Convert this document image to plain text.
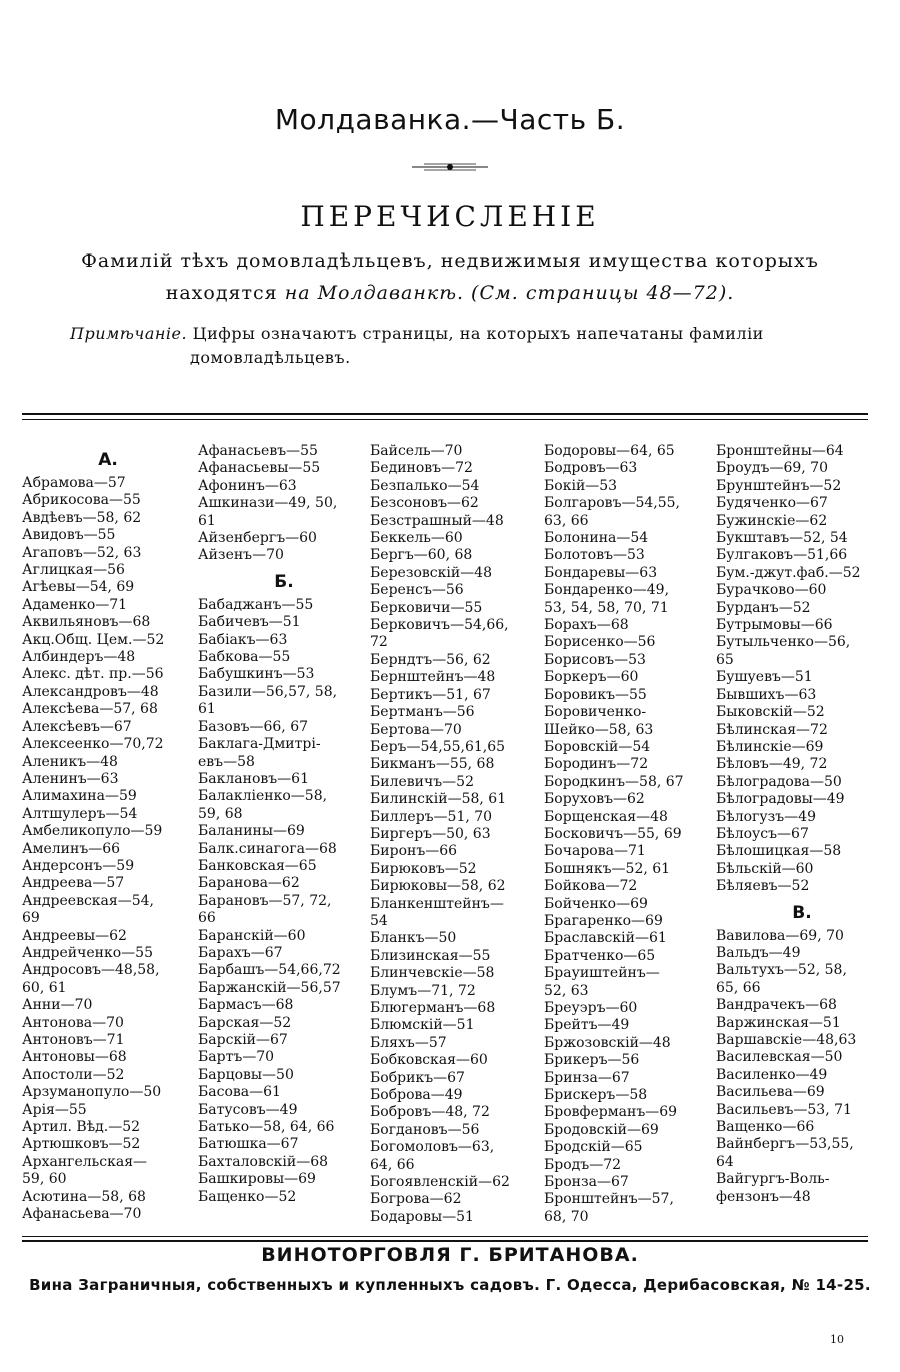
Молдаванка.—Часть Б.
ПЕРЕЧИСЛЕНІЕ
Фамилій тѣхъ домовладѣльцевъ, недвижимыя имущества которыхъ
находятся на Молдаванкѣ. (См. страницы 48—72).
Примѣчаніе. Цифры означаютъ страницы, на которыхъ напечатаны фамиліи
домовладѣльцевъ.
А.
Абрамова—57
Абрикосова—55
Авдѣевъ—58, 62
Авидовъ—55
Агаповъ—52, 63
Аглицкая—56
Агѣевы—54, 69
Адаменко—71
Аквильяновъ—68
Акц.Общ. Цем.—52
Албиндеръ—48
Алекс. дѣт. пр.—56
Александровъ—48
Алексѣева—57, 68
Алексѣевъ—67
Алексеенко—70,72
Аленикъ—48
Аленинъ—63
Алимахина—59
Алтшулеръ—54
Амбеликопуло—59
Амелинъ—66
Андерсонъ—59
Андреева—57
Андреевская—54,
69
Андреевы—62
Андрейченко—55
Андросовъ—48,58,
60, 61
Анни—70
Антонова—70
Антоновъ—71
Антоновы—68
Апостоли—52
Арзуманопуло—50
Арія—55
Артил. Вѣд.—52
Артюшковъ—52
Архангельская—
59, 60
Асютина—58, 68
Афанасьева—70
Афанасьевъ—55
Афанасьевы—55
Афонинъ—63
Ашкинази—49, 50,
61
Айзенбергъ—60
Айзенъ—70
Б.
Бабаджанъ—55
Бабичевъ—51
Бабіакъ—63
Бабкова—55
Бабушкинъ—53
Базили—56,57, 58,
61
Базовъ—66, 67
Баклага-Дмитрі-
евъ—58
Баклановъ—61
Балакліенко—58,
59, 68
Баланины—69
Балк.синагога—68
Банковская—65
Баранова—62
Барановъ—57, 72,
66
Баранскій—60
Барахъ—67
Барбашъ—54,66,72
Баржанскій—56,57
Бармасъ—68
Барская—52
Барскій—67
Бартъ—70
Барцовы—50
Басова—61
Батусовъ—49
Батько—58, 64, 66
Батюшка—67
Бахталовскій—68
Башкировы—69
Бащенко—52
Байсель—70
Бединовъ—72
Безпалько—54
Безсоновъ—62
Безстрашный—48
Беккель—60
Бергъ—60, 68
Березовскій—48
Беренсъ—56
Берковичи—55
Берковичъ—54,66,
72
Берндтъ—56, 62
Бернштейнъ—48
Бертикъ—51, 67
Бертманъ—56
Бертова—70
Беръ—54,55,61,65
Бикманъ—55, 68
Билевичъ—52
Билинскій—58, 61
Биллеръ—51, 70
Биргеръ—50, 63
Биронъ—66
Бирюковъ—52
Бирюковы—58, 62
Бланкенштейнъ—
54
Бланкъ—50
Близинская—55
Блинчевскіе—58
Блумъ—71, 72
Блюгерманъ—68
Блюмскій—51
Бляхъ—57
Бобковская—60
Бобрикъ—67
Боброва—49
Бобровъ—48, 72
Богдановъ—56
Богомоловъ—63,
64, 66
Богоявленскій—62
Богрова—62
Бодаровы—51
Бодоровы—64, 65
Бодровъ—63
Бокій—53
Болгаровъ—54,55,
63, 66
Болонина—54
Болотовъ—53
Бондаревы—63
Бондаренко—49,
53, 54, 58, 70, 71
Борахъ—68
Борисенко—56
Борисовъ—53
Боркеръ—60
Боровикъ—55
Боровиченко-
Шейко—58, 63
Боровскій—54
Бородинъ—72
Бородкинъ—58, 67
Боруховъ—62
Борщенская—48
Босковичъ—55, 69
Бочарова—71
Бошнякъ—52, 61
Бойкова—72
Бойченко—69
Брагаренко—69
Браславскій—61
Братченко—65
Брауиштейнъ—
52, 63
Бреуэръ—60
Брейтъ—49
Бржозовскій—48
Брикеръ—56
Бринза—67
Брискеръ—58
Бровферманъ—69
Бродовскій—69
Бродскій—65
Бродъ—72
Бронза—67
Бронштейнъ—57,
68, 70
Бронштейны—64
Броудъ—69, 70
Брунштейнъ—52
Будяченко—67
Бужинскіе—62
Букштавъ—52, 54
Булгаковъ—51,66
Бум.-джут.фаб.—52
Бурачково—60
Бурданъ—52
Бутрымовы—66
Бутыльченко—56,
65
Бушуевъ—51
Бывшихъ—63
Быковскій—52
Бѣлинская—72
Бѣлинскіе—69
Бѣловъ—49, 72
Бѣлоградова—50
Бѣлоградовы—49
Бѣлогузъ—49
Бѣлоусъ—67
Бѣлошицкая—58
Бѣльскій—60
Бѣляевъ—52
В.
Вавилова—69, 70
Вальдъ—49
Вальтухъ—52, 58,
65, 66
Вандрачекъ—68
Варжинская—51
Варшавскіе—48,63
Василевская—50
Василенко—49
Васильева—69
Васильевъ—53, 71
Ващенко—66
Вайнбергъ—53,55,
64
Вайгургъ-Воль-
фензонъ—48
ВИНОТОРГОВЛЯ Г. БРИТАНОВА.
Вина Заграничныя, собственныхъ и купленныхъ садовъ. Г. Одесса, Дерибасовская, № 14-25.
10
